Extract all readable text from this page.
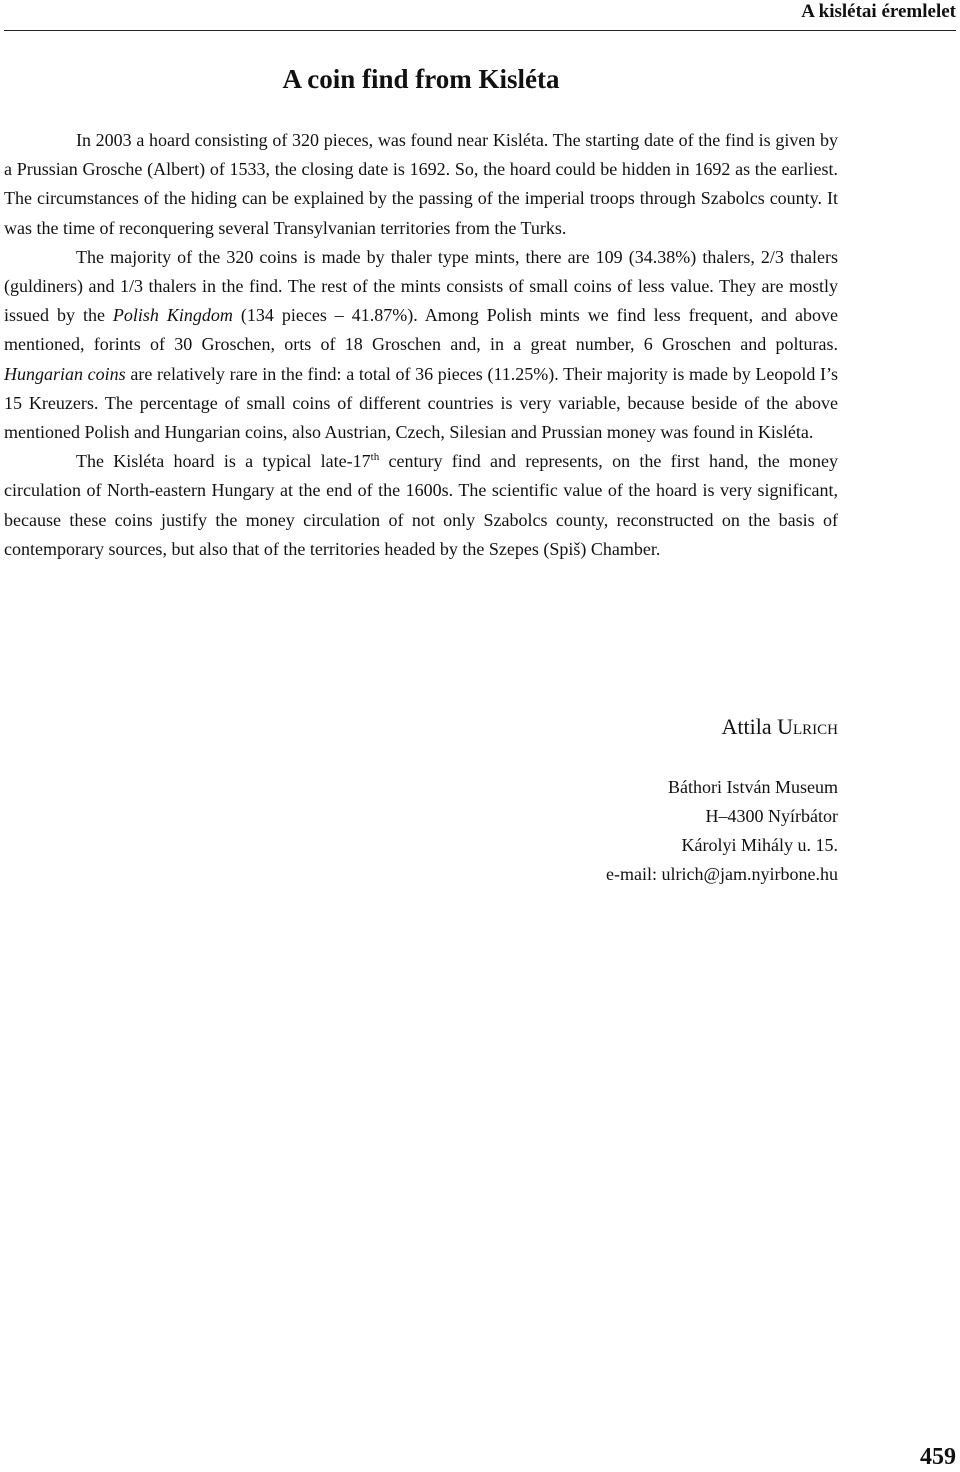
A kislétai éremlelet
A coin find from Kisléta

In 2003 a hoard consisting of 320 pieces, was found near Kisléta. The starting date of the find is given by a Prussian Grosche (Albert) of 1533, the closing date is 1692. So, the hoard could be hidden in 1692 as the earliest. The circumstances of the hiding can be explained by the passing of the imperial troops through Szabolcs county. It was the time of reconquering several Transylvanian territories from the Turks.

The majority of the 320 coins is made by thaler type mints, there are 109 (34.38%) thalers, 2/3 thalers (guldiners) and 1/3 thalers in the find. The rest of the mints consists of small coins of less value. They are mostly issued by the Polish Kingdom (134 pieces – 41.87%). Among Polish mints we find less frequent, and above mentioned, forints of 30 Groschen, orts of 18 Groschen and, in a great number, 6 Groschen and polturas. Hungarian coins are relatively rare in the find: a total of 36 pieces (11.25%). Their majority is made by Leopold I’s 15 Kreuzers. The percentage of small coins of different countries is very variable, because beside of the above mentioned Polish and Hungarian coins, also Austrian, Czech, Silesian and Prussian money was found in Kisléta.

The Kisléta hoard is a typical late-17th century find and represents, on the first hand, the money circulation of North-eastern Hungary at the end of the 1600s. The scientific value of the hoard is very significant, because these coins justify the money circulation of not only Szabolcs county, reconstructed on the basis of contemporary sources, but also that of the territories headed by the Szepes (Spiš) Chamber.

Attila Ulrich
Báthori István Museum
H–4300 Nyírbátor
Károlyi Mihály u. 15.
e-mail: ulrich@jam.nyirbone.hu
459
